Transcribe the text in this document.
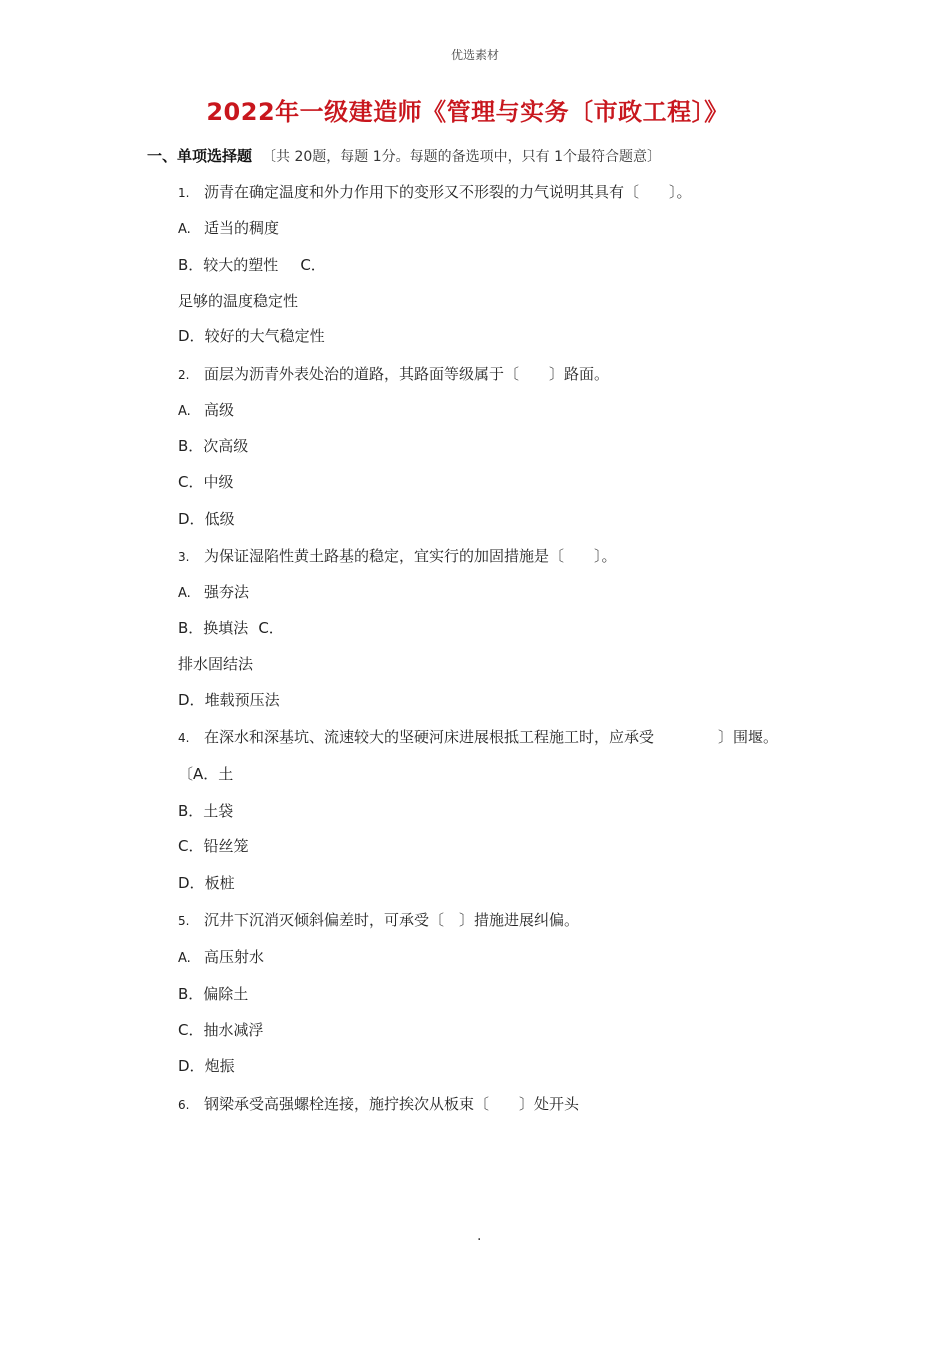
优选素材
2022年一级建造师《管理与实务〔市政工程〕》
一、单项选择题 〔共 20题，每题 1分。每题的备选项中，只有 1个最符合题意〕
1. 沥青在确定温度和外力作用下的变形又不形裂的力气说明其具有〔　　〕。
A. 适当的稠度
B．较大的塑性 C．
足够的温度稳定性
D．较好的大气稳定性
2. 面层为沥青外表处治的道路，其路面等级属于〔　　〕路面。
A. 高级
B．次高级
C．中级
D．低级
3. 为保证湿陷性黄土路基的稳定，宜实行的加固措施是〔　　〕。
A. 强夯法
B．换填法 C．
排水固结法
D．堆载预压法
4. 在深水和深基坑、流速较大的坚硬河床进展根抵工程施工时，应承受	〕围堰。
〔A．土
B．土袋
C．铅丝笼
D．板桩
5. 沉井下沉消灭倾斜偏差时，可承受〔　〕措施进展纠偏。
A. 高压射水
B．偏除土
C．抽水减浮
D．炮振
6. 钢梁承受高强螺栓连接，施拧挨次从板束〔　　〕处开头
.
